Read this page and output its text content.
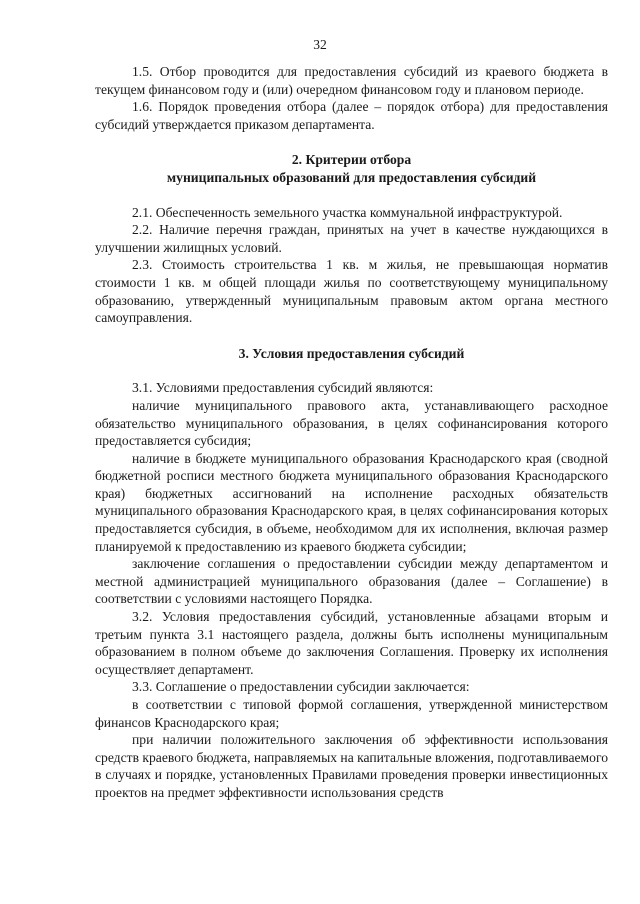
32

1.5. Отбор проводится для предоставления субсидий из краевого бюджета в текущем финансовом году и (или) очередном финансовом году и плановом периоде.

1.6. Порядок проведения отбора (далее – порядок отбора) для предоставления субсидий утверждается приказом департамента.

2. Критерии отбора

муниципальных образований для предоставления субсидий

2.1. Обеспеченность земельного участка коммунальной инфраструктурой.

2.2. Наличие перечня граждан, принятых на учет в качестве нуждающихся в улучшении жилищных условий.

2.3. Стоимость строительства 1 кв. м жилья, не превышающая норматив стоимости 1 кв. м общей площади жилья по соответствующему муниципальному образованию, утвержденный муниципальным правовым актом органа местного самоуправления.

3. Условия предоставления субсидий

3.1. Условиями предоставления субсидий являются:

наличие муниципального правового акта, устанавливающего расходное обязательство муниципального образования, в целях софинансирования которого предоставляется субсидия;

наличие в бюджете муниципального образования Краснодарского края (сводной бюджетной росписи местного бюджета муниципального образования Краснодарского края) бюджетных ассигнований на исполнение расходных обязательств муниципального образования Краснодарского края, в целях софинансирования которых предоставляется субсидия, в объеме, необходимом для их исполнения, включая размер планируемой к предоставлению из краевого бюджета субсидии;

заключение соглашения о предоставлении субсидии между департаментом и местной администрацией муниципального образования (далее – Соглашение) в соответствии с условиями настоящего Порядка.

3.2. Условия предоставления субсидий, установленные абзацами вторым и третьим пункта 3.1 настоящего раздела, должны быть исполнены муниципальным образованием в полном объеме до заключения Соглашения. Проверку их исполнения осуществляет департамент.

3.3. Соглашение о предоставлении субсидии заключается:

в соответствии с типовой формой соглашения, утвержденной министерством финансов Краснодарского края;

при наличии положительного заключения об эффективности использования средств краевого бюджета, направляемых на капитальные вложения, подготавливаемого в случаях и порядке, установленных Правилами проведения проверки инвестиционных проектов на предмет эффективности использования средств
